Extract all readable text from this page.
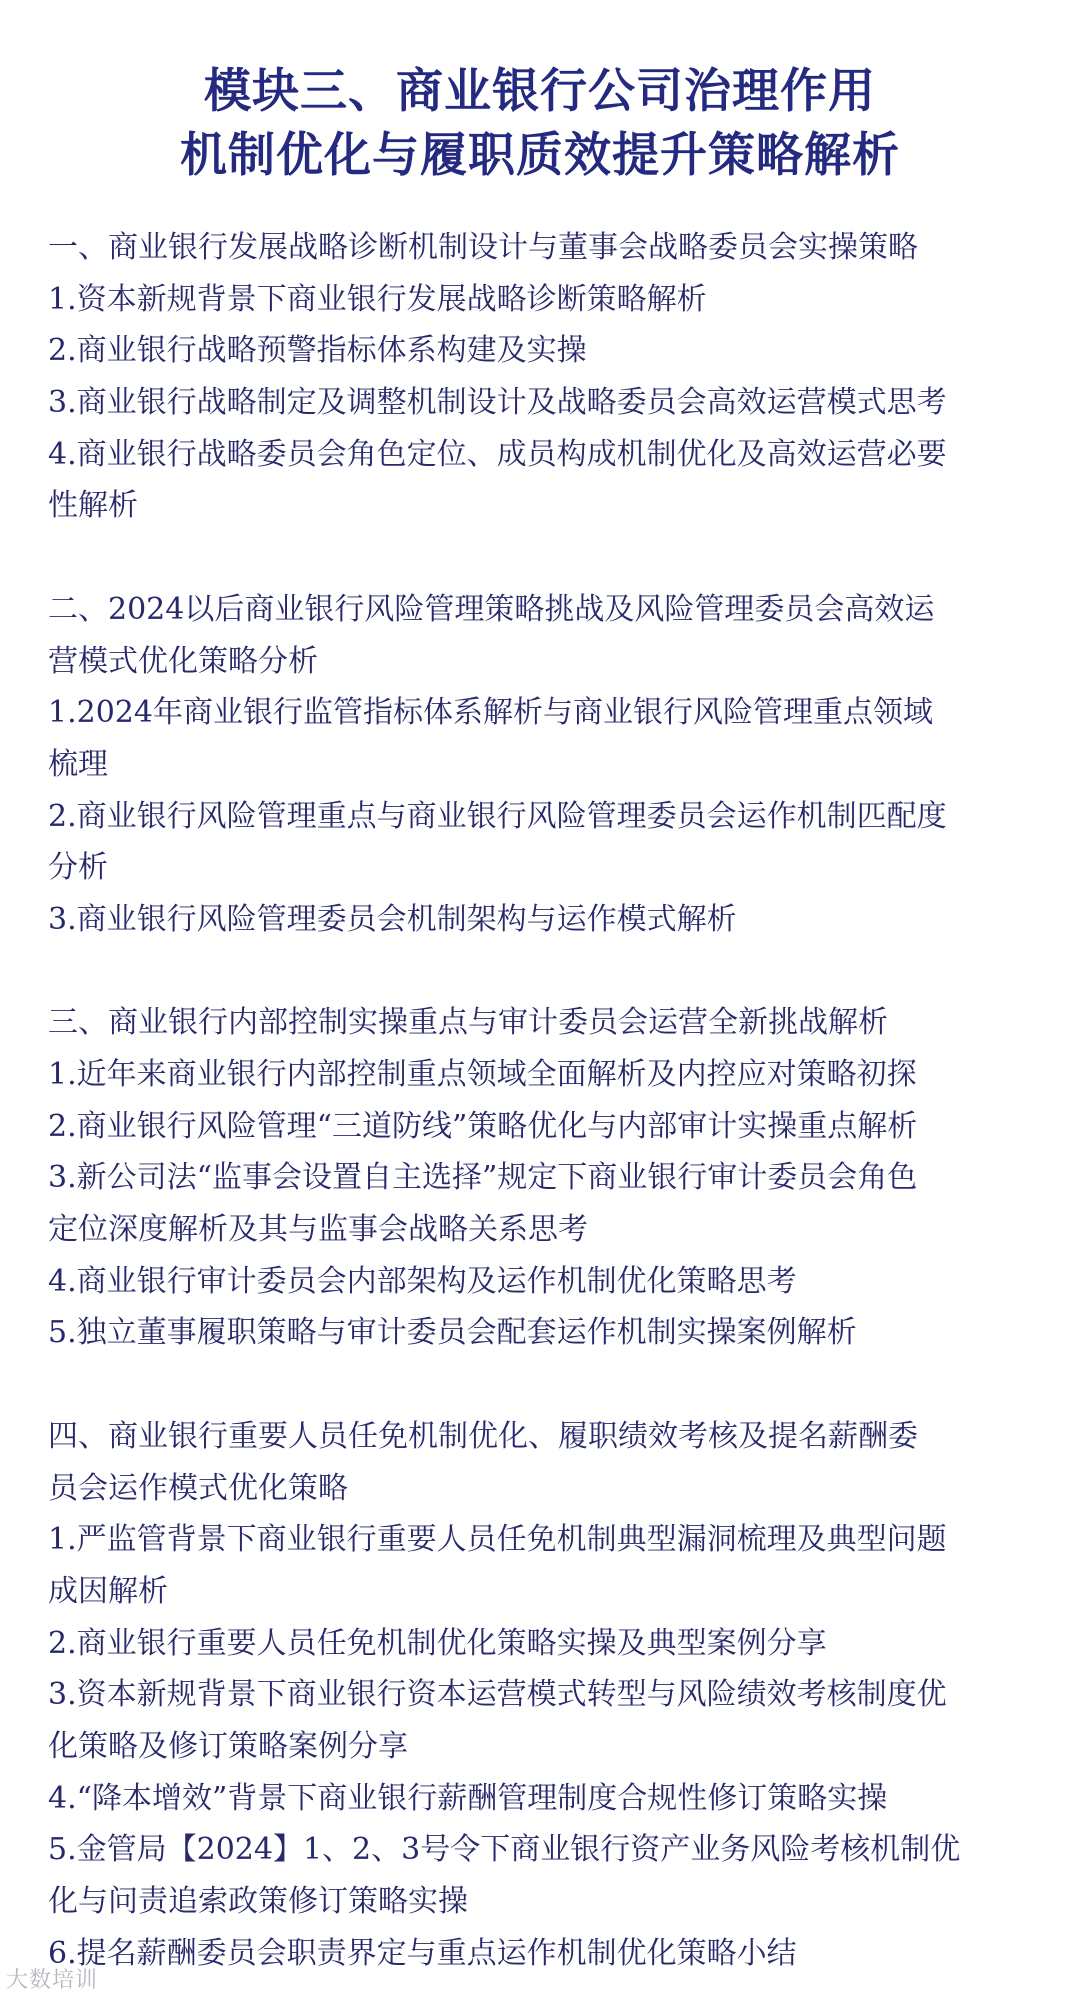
模块三、商业银行公司治理作用
机制优化与履职质效提升策略解析
一、商业银行发展战略诊断机制设计与董事会战略委员会实操策略
1.资本新规背景下商业银行发展战略诊断策略解析
2.商业银行战略预警指标体系构建及实操
3.商业银行战略制定及调整机制设计及战略委员会高效运营模式思考
4.商业银行战略委员会角色定位、成员构成机制优化及高效运营必要
性解析
二、2024以后商业银行风险管理策略挑战及风险管理委员会高效运
营模式优化策略分析
1.2024年商业银行监管指标体系解析与商业银行风险管理重点领域
梳理
2.商业银行风险管理重点与商业银行风险管理委员会运作机制匹配度
分析
3.商业银行风险管理委员会机制架构与运作模式解析
三、商业银行内部控制实操重点与审计委员会运营全新挑战解析
1.近年来商业银行内部控制重点领域全面解析及内控应对策略初探
2.商业银行风险管理“三道防线”策略优化与内部审计实操重点解析
3.新公司法“监事会设置自主选择”规定下商业银行审计委员会角色
定位深度解析及其与监事会战略关系思考
4.商业银行审计委员会内部架构及运作机制优化策略思考
5.独立董事履职策略与审计委员会配套运作机制实操案例解析
四、商业银行重要人员任免机制优化、履职绩效考核及提名薪酬委
员会运作模式优化策略
1.严监管背景下商业银行重要人员任免机制典型漏洞梳理及典型问题
成因解析
2.商业银行重要人员任免机制优化策略实操及典型案例分享
3.资本新规背景下商业银行资本运营模式转型与风险绩效考核制度优
化策略及修订策略案例分享
4.“降本增效”背景下商业银行薪酬管理制度合规性修订策略实操
5.金管局【2024】1、2、3号令下商业银行资产业务风险考核机制优
化与问责追索政策修订策略实操
6.提名薪酬委员会职责界定与重点运作机制优化策略小结
大数培训
